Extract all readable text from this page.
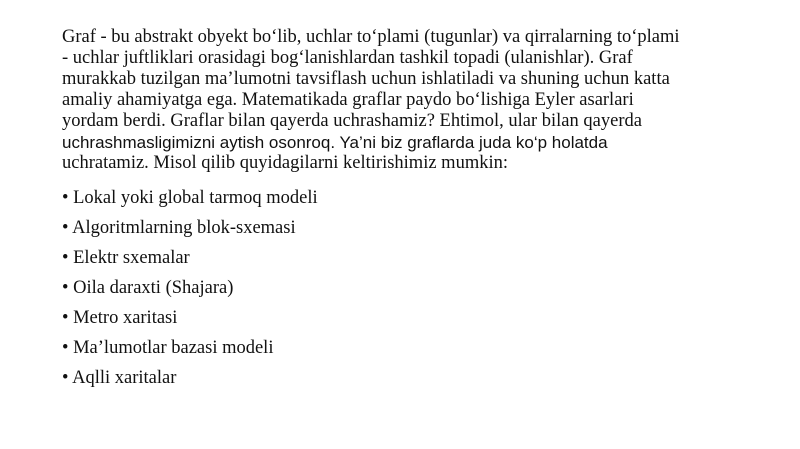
Graf - bu abstrakt obyekt bo‘lib, uchlar to‘plami (tugunlar) va qirralarning to‘plami
- uchlar juftliklari orasidagi bog‘lanishlardan tashkil topadi (ulanishlar). Graf
murakkab tuzilgan ma’lumotni tavsiflash uchun ishlatiladi va shuning uchun katta
amaliy ahamiyatga ega. Matematikada graflar paydo bo‘lishiga Eyler asarlari
yordam berdi. Graflar bilan qayerda uchrashamiz? Ehtimol, ular bilan qayerda
uchrashmasligimizni aytish osonroq. Ya’ni biz graflarda juda ko‘p holatda
uchratamiz. Misol qilib quyidagilarni keltirishimiz mumkin:

• Lokal yoki global tarmoq modeli
• Algoritmlarning blok-sxemasi
• Elektr sxemalar
• Oila daraxti (Shajara)
• Metro xaritasi
• Ma’lumotlar bazasi modeli
• Aqlli xaritalar
